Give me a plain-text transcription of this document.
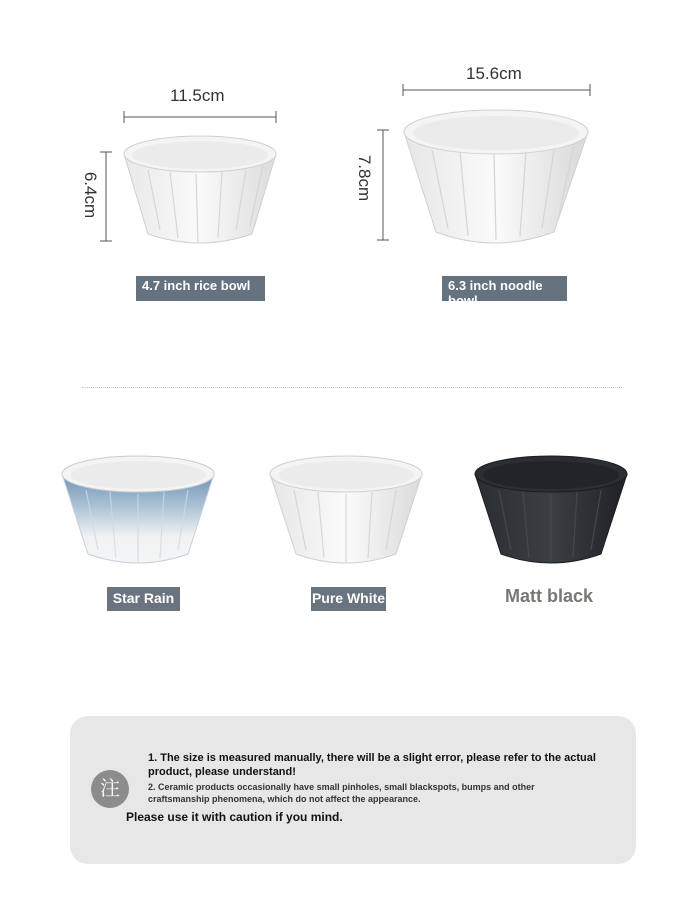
11.5cm
6.4cm
4.7 inch rice bowl
15.6cm
7.8cm
6.3 inch noodle bowl
Star Rain	Pure White	Matt black
注
1. The size is measured manually, there will be a slight error, please refer to the actual product, please understand!
2. Ceramic products occasionally have small pinholes, small blackspots, bumps and other craftsmanship phenomena, which do not affect the appearance.
Please use it with caution if you mind.
